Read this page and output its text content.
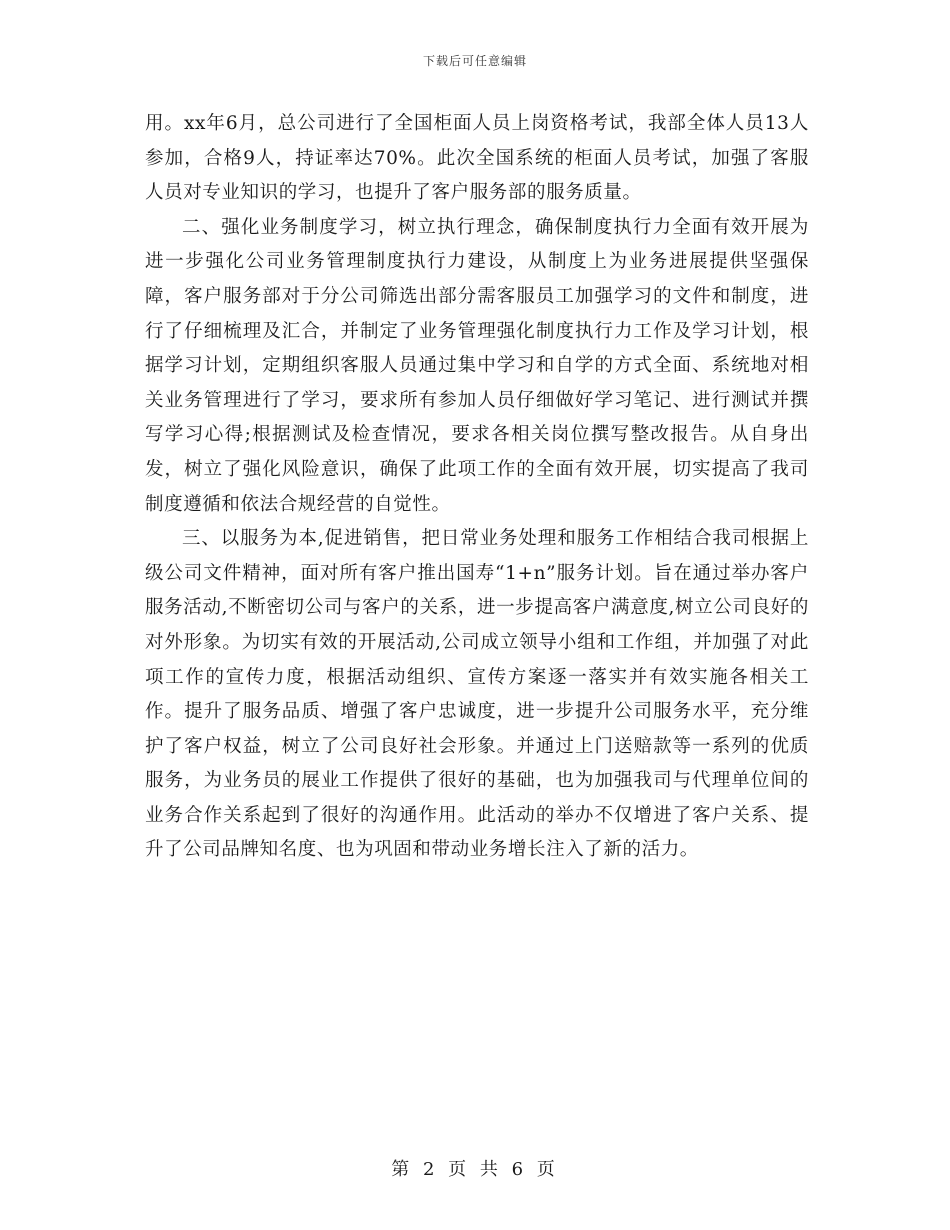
下载后可任意编辑

用。xx年6月，总公司进行了全国柜面人员上岗资格考试，我部全体人员13人参加，合格9人，持证率达70%。此次全国系统的柜面人员考试，加强了客服人员对专业知识的学习，也提升了客户服务部的服务质量。

二、强化业务制度学习，树立执行理念，确保制度执行力全面有效开展为进一步强化公司业务管理制度执行力建设，从制度上为业务进展提供坚强保障，客户服务部对于分公司筛选出部分需客服员工加强学习的文件和制度，进行了仔细梳理及汇合，并制定了业务管理强化制度执行力工作及学习计划，根据学习计划，定期组织客服人员通过集中学习和自学的方式全面、系统地对相关业务管理进行了学习，要求所有参加人员仔细做好学习笔记、进行测试并撰写学习心得;根据测试及检查情况，要求各相关岗位撰写整改报告。从自身出发，树立了强化风险意识，确保了此项工作的全面有效开展，切实提高了我司制度遵循和依法合规经营的自觉性。

三、以服务为本,促进销售，把日常业务处理和服务工作相结合我司根据上级公司文件精神，面对所有客户推出国寿“1+n”服务计划。旨在通过举办客户服务活动,不断密切公司与客户的关系，进一步提高客户满意度,树立公司良好的对外形象。为切实有效的开展活动,公司成立领导小组和工作组，并加强了对此项工作的宣传力度，根据活动组织、宣传方案逐一落实并有效实施各相关工作。提升了服务品质、增强了客户忠诚度，进一步提升公司服务水平，充分维护了客户权益，树立了公司良好社会形象。并通过上门送赔款等一系列的优质服务，为业务员的展业工作提供了很好的基础，也为加强我司与代理单位间的业务合作关系起到了很好的沟通作用。此活动的举办不仅增进了客户关系、提升了公司品牌知名度、也为巩固和带动业务增长注入了新的活力。

第 2 页 共 6 页
